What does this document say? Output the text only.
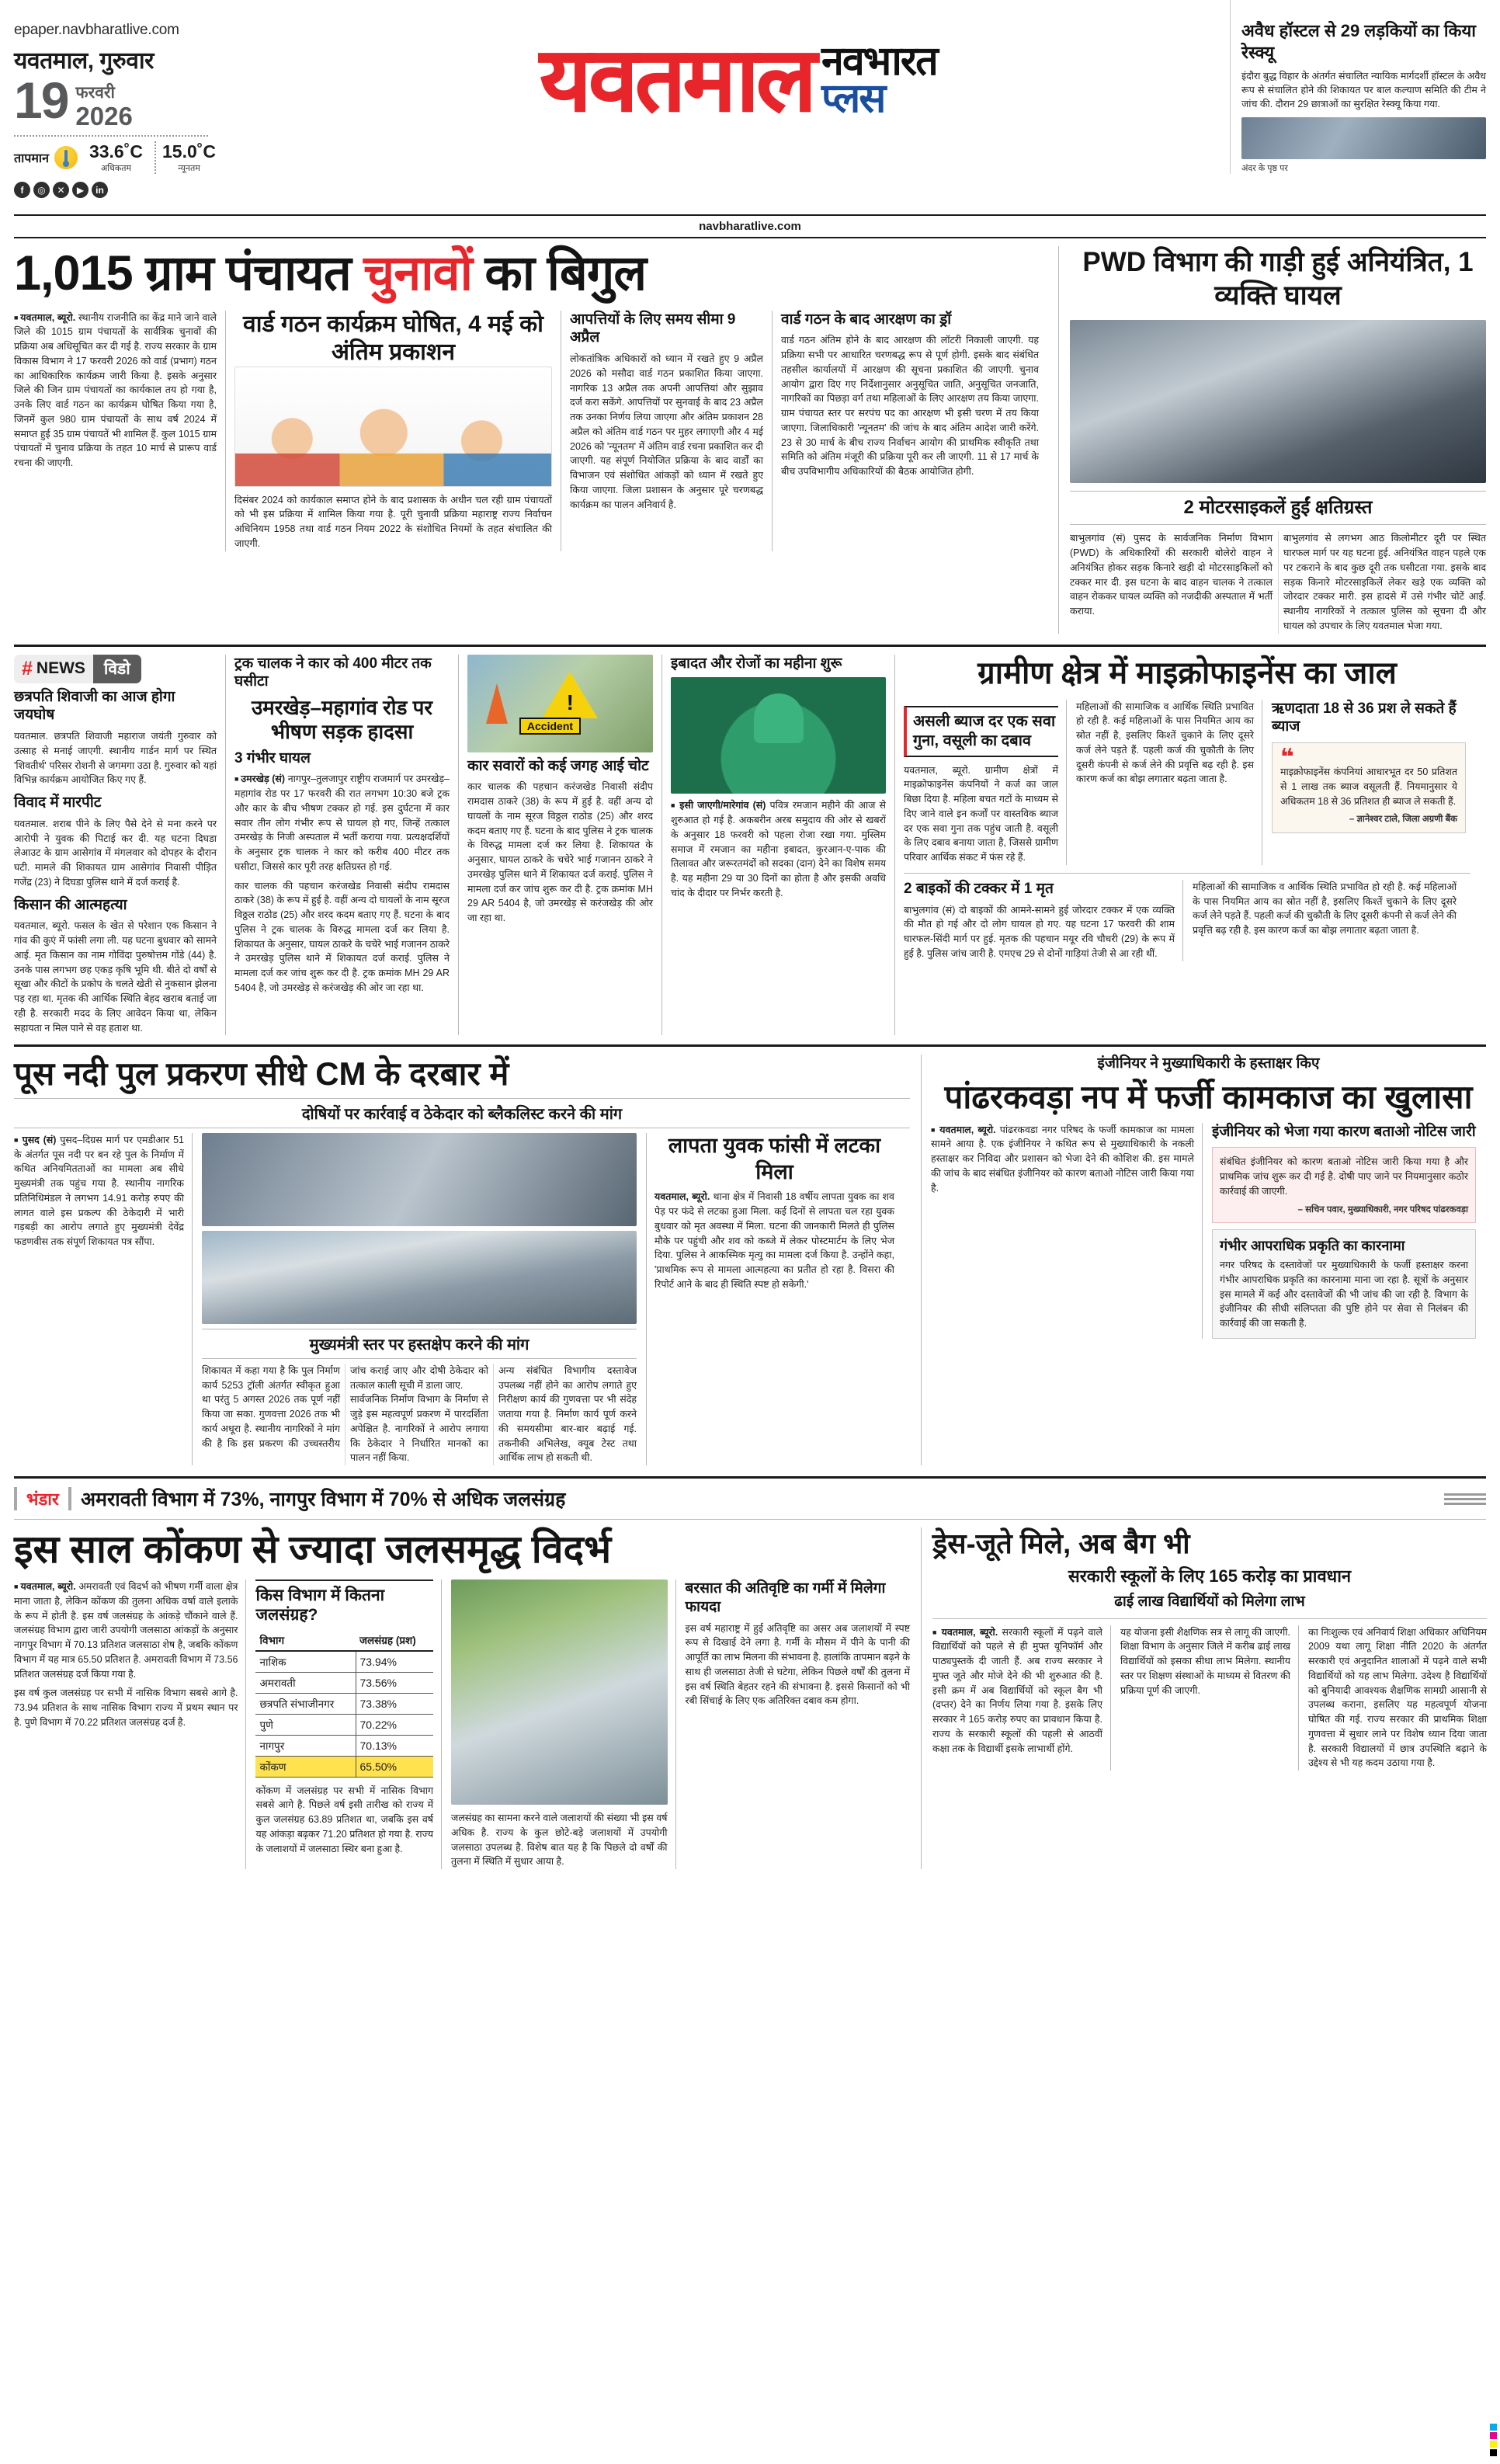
epaper.navbharatlive.com
यवतमाल, गुरुवार
19 फरवरी
2026
तापमान	33.6˚C
अधिकतम
15.0˚C
न्यूनतम
f	◎	✕	▶	in
यवतमाल नवभारत
प्लस
अवैध हॉस्टल से 29 लड़कियों का किया रेस्क्यू
इंदौरा बुद्ध विहार के अंतर्गत संचालित न्यायिक मार्गदर्शी हॉस्टल के अवैध रूप से संचालित होने की शिकायत पर बाल कल्याण समिति की टीम ने जांच की. दौरान 29 छात्राओं का सुरक्षित रेस्क्यू किया गया.
अंदर के पृष्ठ पर
navbharatlive.com
1,015 ग्राम पंचायत चुनावों का बिगुल
■ यवतमाल, ब्यूरो. स्थानीय राजनीति का केंद्र माने जाने वाले जिले की 1015 ग्राम पंचायतों के सार्वत्रिक चुनावों की प्रक्रिया अब अधिसूचित कर दी गई है. राज्य सरकार के ग्राम विकास विभाग ने 17 फरवरी 2026 को वार्ड (प्रभाग) गठन का आधिकारिक कार्यक्रम जारी किया है. इसके अनुसार जिले की जिन ग्राम पंचायतों का कार्यकाल तय हो गया है, उनके लिए वार्ड गठन का कार्यक्रम घोषित किया गया है, जिनमें कुल 980 ग्राम पंचायतों के साथ वर्ष 2024 में समाप्त हुई 35 ग्राम पंचायतें भी शामिल हैं. कुल 1015 ग्राम पंचायतों में चुनाव प्रक्रिया के तहत 10 मार्च से प्रारूप वार्ड रचना की जाएगी.
वार्ड गठन कार्यक्रम घोषित, 4 मई को अंतिम प्रकाशन
दिसंबर 2024 को कार्यकाल समाप्त होने के बाद प्रशासक के अधीन चल रही ग्राम पंचायतों को भी इस प्रक्रिया में शामिल किया गया है. पूरी चुनावी प्रक्रिया महाराष्ट्र राज्य निर्वाचन अधिनियम 1958 तथा वार्ड गठन नियम 2022 के संशोधित नियमों के तहत संचालित की जाएगी.
आपत्तियों के लिए समय सीमा 9 अप्रैल
लोकतांत्रिक अधिकारों को ध्यान में रखते हुए 9 अप्रैल 2026 को मसौदा वार्ड गठन प्रकाशित किया जाएगा. नागरिक 13 अप्रैल तक अपनी आपत्तियां और सुझाव दर्ज करा सकेंगे. आपत्तियों पर सुनवाई के बाद 23 अप्रैल तक उनका निर्णय लिया जाएगा और अंतिम प्रकाशन 28 अप्रैल को अंतिम वार्ड गठन पर मुहर लगाएगी और 4 मई 2026 को 'न्यूनतम' में अंतिम वार्ड रचना प्रकाशित कर दी जाएगी. यह संपूर्ण नियोजित प्रक्रिया के बाद वार्डों का विभाजन एवं संशोधित आंकड़ों को ध्यान में रखते हुए किया जाएगा. जिला प्रशासन के अनुसार पूरे चरणबद्ध कार्यक्रम का पालन अनिवार्य है.
वार्ड गठन के बाद आरक्षण का ड्रॉ
वार्ड गठन अंतिम होने के बाद आरक्षण की लॉटरी निकाली जाएगी. यह प्रक्रिया सभी पर आधारित चरणबद्ध रूप से पूर्ण होगी. इसके बाद संबंधित तहसील कार्यालयों में आरक्षण की सूचना प्रकाशित की जाएगी. चुनाव आयोग द्वारा दिए गए निर्देशानुसार अनुसूचित जाति, अनुसूचित जनजाति, नागरिकों का पिछड़ा वर्ग तथा महिलाओं के लिए आरक्षण तय किया जाएगा. ग्राम पंचायत स्तर पर सरपंच पद का आरक्षण भी इसी चरण में तय किया जाएगा. जिलाधिकारी 'न्यूनतम' की जांच के बाद अंतिम आदेश जारी करेंगे. 23 से 30 मार्च के बीच राज्य निर्वाचन आयोग की प्राथमिक स्वीकृति तथा समिति को अंतिम मंजूरी की प्रक्रिया पूरी कर ली जाएगी. 11 से 17 मार्च के बीच उपविभागीय अधिकारियों की बैठक आयोजित होगी.
PWD विभाग की गाड़ी हुई अनियंत्रित, 1 व्यक्ति घायल
2 मोटरसाइकलें हुईं क्षतिग्रस्त
बाभुलगांव (सं) पुसद के सार्वजनिक निर्माण विभाग (PWD) के अधिकारियों की सरकारी बोलेरो वाहन ने अनियंत्रित होकर सड़क किनारे खड़ी दो मोटरसाइकिलों को टक्कर मार दी. इस घटना के बाद वाहन चालक ने तत्काल वाहन रोककर घायल व्यक्ति को नजदीकी अस्पताल में भर्ती कराया.
बाभुलगांव से लगभग आठ किलोमीटर दूरी पर स्थित घारफल मार्ग पर यह घटना हुई. अनियंत्रित वाहन पहले एक पर टकराने के बाद कुछ दूरी तक घसीटता गया. इसके बाद सड़क किनारे मोटरसाइकिलें लेकर खड़े एक व्यक्ति को जोरदार टक्कर मारी. इस हादसे में उसे गंभीर चोटें आईं. स्थानीय नागरिकों ने तत्काल पुलिस को सूचना दी और घायल को उपचार के लिए यवतमाल भेजा गया.
# NEWS	विडो
छत्रपति शिवाजी का आज होगा जयघोष
यवतमाल. छत्रपति शिवाजी महाराज जयंती गुरुवार को उत्साह से मनाई जाएगी. स्थानीय गार्डन मार्ग पर स्थित 'शिवतीर्थ' परिसर रोशनी से जगमगा उठा है. गुरुवार को यहां विभिन्न कार्यक्रम आयोजित किए गए हैं.
विवाद में मारपीट
यवतमाल. शराब पीने के लिए पैसे देने से मना करने पर आरोपी ने युवक की पिटाई कर दी. यह घटना दिघडा लेआउट के ग्राम आसेगांव में मंगलवार को दोपहर के दौरान घटी. मामले की शिकायत ग्राम आसेगांव निवासी पीड़ित गजेंद्र (23) ने दिघडा पुलिस थाने में दर्ज कराई है.
किसान की आत्महत्या
यवतमाल, ब्यूरो. फसल के खेत से परेशान एक किसान ने गांव की कुएं में फांसी लगा ली. यह घटना बुधवार को सामने आई. मृत किसान का नाम गोविंदा पुरुषोत्तम गोंडे (44) है. उनके पास लगभग छह एकड़ कृषि भूमि थी. बीते दो वर्षों से सूखा और कीटों के प्रकोप के चलते खेती से नुकसान झेलना पड़ रहा था. मृतक की आर्थिक स्थिति बेहद खराब बताई जा रही है. सरकारी मदद के लिए आवेदन किया था, लेकिन सहायता न मिल पाने से वह हताश था.
ट्रक चालक ने कार को 400 मीटर तक घसीटा
उमरखेड़–महागांव रोड पर भीषण सड़क हादसा
3 गंभीर घायल
■ उमरखेड़ (सं) नागपुर–तुलजापुर राष्ट्रीय राजमार्ग पर उमरखेड़–महागांव रोड पर 17 फरवरी की रात लगभग 10:30 बजे ट्रक और कार के बीच भीषण टक्कर हो गई. इस दुर्घटना में कार सवार तीन लोग गंभीर रूप से घायल हो गए, जिन्हें तत्काल उमरखेड़ के निजी अस्पताल में भर्ती कराया गया. प्रत्यक्षदर्शियों के अनुसार ट्रक चालक ने कार को करीब 400 मीटर तक घसीटा, जिससे कार पूरी तरह क्षतिग्रस्त हो गई.
कार चालक की पहचान करंजखेड निवासी संदीप रामदास ठाकरे (38) के रूप में हुई है. वहीं अन्य दो घायलों के नाम सूरज विठ्ठल राठोड (25) और शरद कदम बताए गए हैं. घटना के बाद पुलिस ने ट्रक चालक के विरुद्ध मामला दर्ज कर लिया है. शिकायत के अनुसार, घायल ठाकरे के चचेरे भाई गजानन ठाकरे ने उमरखेड़ पुलिस थाने में शिकायत दर्ज कराई. पुलिस ने मामला दर्ज कर जांच शुरू कर दी है. ट्रक क्रमांक MH 29 AR 5404 है, जो उमरखेड़ से करंजखेड़ की ओर जा रहा था.
!
Accident
कार सवारों को कई जगह आई चोट
कार चालक की पहचान करंजखेड निवासी संदीप रामदास ठाकरे (38) के रूप में हुई है. वहीं अन्य दो घायलों के नाम सूरज विठ्ठल राठोड (25) और शरद कदम बताए गए हैं. घटना के बाद पुलिस ने ट्रक चालक के विरुद्ध मामला दर्ज कर लिया है. शिकायत के अनुसार, घायल ठाकरे के चचेरे भाई गजानन ठाकरे ने उमरखेड़ पुलिस थाने में शिकायत दर्ज कराई. पुलिस ने मामला दर्ज कर जांच शुरू कर दी है. ट्रक क्रमांक MH 29 AR 5404 है, जो उमरखेड़ से करंजखेड़ की ओर जा रहा था.
इबादत और रोजों का महीना शुरू
■ इसी जाएगी/मारेगांव (सं) पवित्र रमजान महीने की आज से शुरुआत हो गई है. अकबरीन अरब समुदाय की ओर से खबरों के अनुसार 18 फरवरी को पहला रोजा रखा गया. मुस्लिम समाज में रमजान का महीना इबादत, कुरआन-ए-पाक की तिलावत और जरूरतमंदों को सदका (दान) देने का विशेष समय है. यह महीना 29 या 30 दिनों का होता है और इसकी अवधि चांद के दीदार पर निर्भर करती है.
ग्रामीण क्षेत्र में माइक्रोफाइनेंस का जाल
असली ब्याज दर एक सवा गुना, वसूली का दबाव
यवतमाल, ब्यूरो. ग्रामीण क्षेत्रों में माइक्रोफाइनेंस कंपनियों ने कर्ज का जाल बिछा दिया है. महिला बचत गटों के माध्यम से दिए जाने वाले इन कर्जों पर वास्तविक ब्याज दर एक सवा गुना तक पहुंच जाती है. वसूली के लिए दबाव बनाया जाता है, जिससे ग्रामीण परिवार आर्थिक संकट में फंस रहे हैं.
महिलाओं की सामाजिक व आर्थिक स्थिति प्रभावित हो रही है. कई महिलाओं के पास नियमित आय का स्रोत नहीं है, इसलिए किश्तें चुकाने के लिए दूसरे कर्ज लेने पड़ते हैं. पहली कर्ज की चुकौती के लिए दूसरी कंपनी से कर्ज लेने की प्रवृत्ति बढ़ रही है. इस कारण कर्ज का बोझ लगातार बढ़ता जाता है.
ऋणदाता 18 से 36 प्रश ले सकते हैं ब्याज
❝
माइक्रोफाइनेंस कंपनियां आधारभूत दर 50 प्रतिशत से 1 लाख तक ब्याज वसूलती हैं. नियमानुसार ये अधिकतम 18 से 36 प्रतिशत ही ब्याज ले सकती हैं.
– ज्ञानेश्वर टाले, जिला अग्रणी बैंक
2 बाइकों की टक्कर में 1 मृत
बाभुलगांव (सं) दो बाइकों की आमने-सामने हुई जोरदार टक्कर में एक व्यक्ति की मौत हो गई और दो लोग घायल हो गए. यह घटना 17 फरवरी की शाम घारफल-सिंदी मार्ग पर हुई. मृतक की पहचान मयूर रवि चौधरी (29) के रूप में हुई है. पुलिस जांच जारी है. एमएच 29 से दोनों गाड़ियां तेजी से आ रही थीं.
महिलाओं की सामाजिक व आर्थिक स्थिति प्रभावित हो रही है. कई महिलाओं के पास नियमित आय का स्रोत नहीं है, इसलिए किश्तें चुकाने के लिए दूसरे कर्ज लेने पड़ते हैं. पहली कर्ज की चुकौती के लिए दूसरी कंपनी से कर्ज लेने की प्रवृत्ति बढ़ रही है. इस कारण कर्ज का बोझ लगातार बढ़ता जाता है.
पूस नदी पुल प्रकरण सीधे CM के दरबार में
दोषियों पर कार्रवाई व ठेकेदार को ब्लैकलिस्ट करने की मांग
■ पुसद (सं) पुसद–दिग्रस मार्ग पर एमडीआर 51 के अंतर्गत पूस नदी पर बन रहे पुल के निर्माण में कथित अनियमितताओं का मामला अब सीधे मुख्यमंत्री तक पहुंच गया है. स्थानीय नागरिक प्रतिनिधिमंडल ने लगभग 14.91 करोड़ रुपए की लागत वाले इस प्रकल्प की ठेकेदारी में भारी गड़बड़ी का आरोप लगाते हुए मुख्यमंत्री देवेंद्र फडणवीस तक संपूर्ण शिकायत पत्र सौंपा.
मुख्यमंत्री स्तर पर हस्तक्षेप करने की मांग
शिकायत में कहा गया है कि पुल निर्माण कार्य 5253 ट्रॉली अंतर्गत स्वीकृत हुआ था परंतु 5 अगस्त 2026 तक पूर्ण नहीं किया जा सका. गुणवत्ता 2026 तक भी कार्य अधूरा है. स्थानीय नागरिकों ने मांग की है कि इस प्रकरण की उच्चस्तरीय जांच कराई जाए और दोषी ठेकेदार को तत्काल काली सूची में डाला जाए.
सार्वजनिक निर्माण विभाग के निर्माण से जुड़े इस महत्वपूर्ण प्रकरण में पारदर्शिता अपेक्षित है. नागरिकों ने आरोप लगाया कि ठेकेदार ने निर्धारित मानकों का पालन नहीं किया.
अन्य संबंधित विभागीय दस्तावेज उपलब्ध नहीं होने का आरोप लगाते हुए निरीक्षण कार्य की गुणवत्ता पर भी संदेह जताया गया है. निर्माण कार्य पूर्ण करने की समयसीमा बार-बार बढ़ाई गई. तकनीकी अभिलेख, क्यूब टेस्ट तथा आर्थिक लाभ हो सकती थी.
लापता युवक फांसी में लटका मिला
यवतमाल, ब्यूरो. थाना क्षेत्र में निवासी 18 वर्षीय लापता युवक का शव पेड़ पर फंदे से लटका हुआ मिला. कई दिनों से लापता चल रहा युवक बुधवार को मृत अवस्था में मिला. घटना की जानकारी मिलते ही पुलिस मौके पर पहुंची और शव को कब्जे में लेकर पोस्टमार्टम के लिए भेज दिया. पुलिस ने आकस्मिक मृत्यु का मामला दर्ज किया है. उन्होंने कहा, 'प्राथमिक रूप से मामला आत्महत्या का प्रतीत हो रहा है. विसरा की रिपोर्ट आने के बाद ही स्थिति स्पष्ट हो सकेगी.'
इंजीनियर ने मुख्याधिकारी के हस्ताक्षर किए
पांढरकवड़ा नप में फर्जी कामकाज का खुलासा
■ यवतमाल, ब्यूरो. पांढरकवडा नगर परिषद के फर्जी कामकाज का मामला सामने आया है. एक इंजीनियर ने कथित रूप से मुख्याधिकारी के नकली हस्ताक्षर कर निविदा और प्रशासन को भेजा देने की कोशिश की. इस मामले की जांच के बाद संबंधित इंजीनियर को कारण बताओ नोटिस जारी किया गया है.
इंजीनियर को भेजा गया कारण बताओ नोटिस जारी
संबंधित इंजीनियर को कारण बताओ नोटिस जारी किया गया है और प्राथमिक जांच शुरू कर दी गई है. दोषी पाए जाने पर नियमानुसार कठोर कार्रवाई की जाएगी.
– सचिन पवार, मुख्याधिकारी, नगर परिषद पांढरकवड़ा
गंभीर आपराधिक प्रकृति का कारनामा
नगर परिषद के दस्तावेजों पर मुख्याधिकारी के फर्जी हस्ताक्षर करना गंभीर आपराधिक प्रकृति का कारनामा माना जा रहा है. सूत्रों के अनुसार इस मामले में कई और दस्तावेजों की भी जांच की जा रही है. विभाग के इंजीनियर की सीधी संलिप्तता की पुष्टि होने पर सेवा से निलंबन की कार्रवाई की जा सकती है.
भंडार	अमरावती विभाग में 73%, नागपुर विभाग में 70% से अधिक जलसंग्रह
इस साल कोंकण से ज्यादा जलसमृद्ध विदर्भ
■ यवतमाल, ब्यूरो. अमरावती एवं विदर्भ को भीषण गर्मी वाला क्षेत्र माना जाता है, लेकिन कोंकण की तुलना अधिक वर्षा वाले इलाके के रूप में होती है. इस वर्ष जलसंग्रह के आंकड़े चौंकाने वाले हैं. जलसंग्रह विभाग द्वारा जारी उपयोगी जलसाठा आंकड़ों के अनुसार नागपुर विभाग में 70.13 प्रतिशत जलसाठा शेष है, जबकि कोंकण विभाग में यह मात्र 65.50 प्रतिशत है. अमरावती विभाग में 73.56 प्रतिशत जलसंग्रह दर्ज किया गया है.
इस वर्ष कुल जलसंग्रह पर सभी में नासिक विभाग सबसे आगे है. 73.94 प्रतिशत के साथ नासिक विभाग राज्य में प्रथम स्थान पर है. पुणे विभाग में 70.22 प्रतिशत जलसंग्रह दर्ज है.
किस विभाग में कितना जलसंग्रह?
विभाग	जलसंग्रह (प्रश)
नाशिक	73.94%
अमरावती	73.56%
छत्रपति संभाजीनगर	73.38%
पुणे	70.22%
नागपुर	70.13%
कोंकण	65.50%
कोंकण में जलसंग्रह पर सभी में नासिक विभाग सबसे आगे है. पिछले वर्ष इसी तारीख को राज्य में कुल जलसंग्रह 63.89 प्रतिशत था, जबकि इस वर्ष यह आंकड़ा बढ़कर 71.20 प्रतिशत हो गया है. राज्य के जलाशयों में जलसाठा स्थिर बना हुआ है.
जलसंग्रह का सामना करने वाले जलाशयों की संख्या भी इस वर्ष अधिक है. राज्य के कुल छोटे-बड़े जलाशयों में उपयोगी जलसाठा उपलब्ध है. विशेष बात यह है कि पिछले दो वर्षों की तुलना में स्थिति में सुधार आया है.
बरसात की अतिवृष्टि का गर्मी में मिलेगा फायदा
इस वर्ष महाराष्ट्र में हुई अतिवृष्टि का असर अब जलाशयों में स्पष्ट रूप से दिखाई देने लगा है. गर्मी के मौसम में पीने के पानी की आपूर्ति का लाभ मिलना की संभावना है. हालांकि तापमान बढ़ने के साथ ही जलसाठा तेजी से घटेगा, लेकिन पिछले वर्षों की तुलना में इस वर्ष स्थिति बेहतर रहने की संभावना है. इससे किसानों को भी रबी सिंचाई के लिए एक अतिरिक्त दबाव कम होगा.
ड्रेस-जूते मिले, अब बैग भी
सरकारी स्कूलों के लिए 165 करोड़ का प्रावधान
ढाई लाख विद्यार्थियों को मिलेगा लाभ
■ यवतमाल, ब्यूरो. सरकारी स्कूलों में पढ़ने वाले विद्यार्थियों को पहले से ही मुफ्त यूनिफॉर्म और पाठ्यपुस्तकें दी जाती हैं. अब राज्य सरकार ने मुफ्त जूते और मोजे देने की भी शुरुआत की है. इसी क्रम में अब विद्यार्थियों को स्कूल बैग भी (दप्तर) देने का निर्णय लिया गया है. इसके लिए सरकार ने 165 करोड़ रुपए का प्रावधान किया है. राज्य के सरकारी स्कूलों की पहली से आठवीं कक्षा तक के विद्यार्थी इसके लाभार्थी होंगे.
यह योजना इसी शैक्षणिक सत्र से लागू की जाएगी. शिक्षा विभाग के अनुसार जिले में करीब ढाई लाख विद्यार्थियों को इसका सीधा लाभ मिलेगा. स्थानीय स्तर पर शिक्षण संस्थाओं के माध्यम से वितरण की प्रक्रिया पूर्ण की जाएगी.
का निःशुल्क एवं अनिवार्य शिक्षा अधिकार अधिनियम 2009 यथा लागू शिक्षा नीति 2020 के अंतर्गत सरकारी एवं अनुदानित शालाओं में पढ़ने वाले सभी विद्यार्थियों को यह लाभ मिलेगा. उदेश्य है विद्यार्थियों को बुनियादी आवश्यक शैक्षणिक सामग्री आसानी से उपलब्ध कराना, इसलिए यह महत्वपूर्ण योजना घोषित की गई. राज्य सरकार की प्राथमिक शिक्षा गुणवत्ता में सुधार लाने पर विशेष ध्यान दिया जाता है. सरकारी विद्यालयों में छात्र उपस्थिति बढ़ाने के उद्देश्य से भी यह कदम उठाया गया है.
